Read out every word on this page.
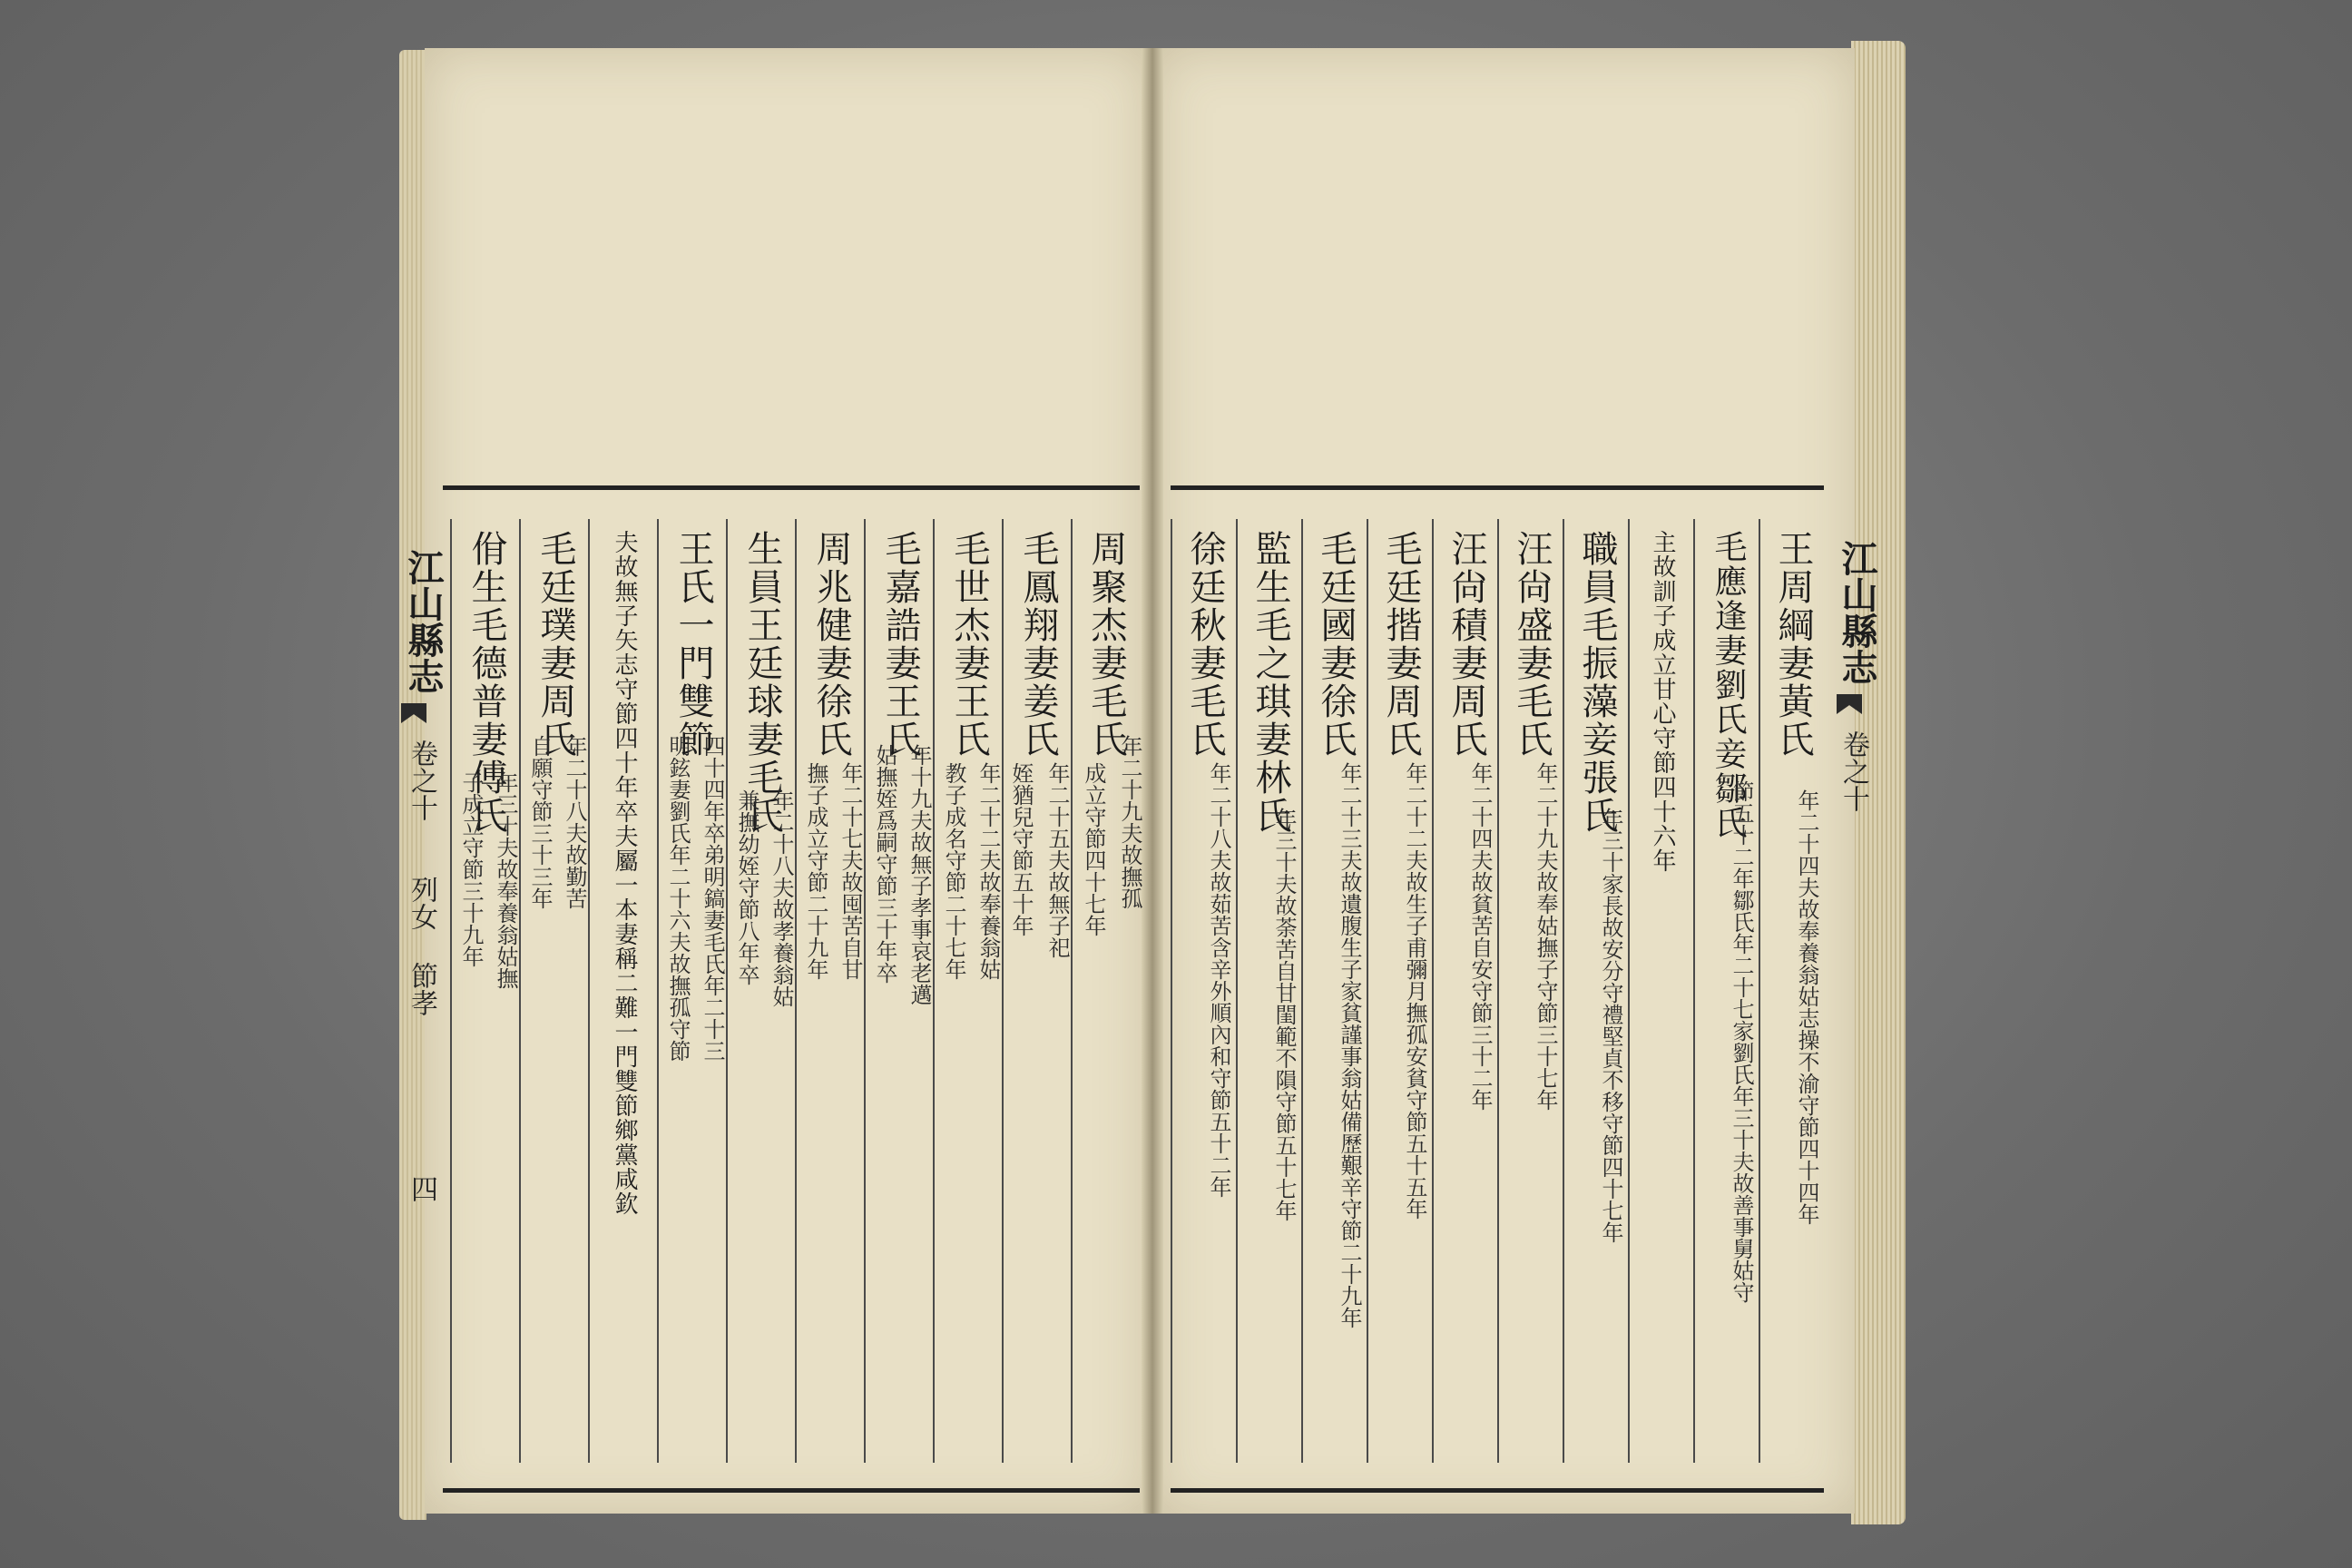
江山縣志
卷之十
列女 節孝
四
江山縣志
卷之十
周聚杰妻毛氏
毛鳳翔妻姜氏
毛世杰妻王氏
毛嘉誥妻王氏
周兆健妻徐氏
生員王廷球妻毛氏
王氏一門雙節
夫故無子矢志守節四十年卒夫屬一本妻稱二難一門雙節鄉黨咸欽
毛廷璞妻周氏
佾生毛德普妻傅氏
成立守節四十七年 年二十九夫故撫孤
姪猶兒守節五十年 年二十五夫故無子祀
教子成名守節二十七年 年二十二夫故奉養翁姑
姑撫姪爲嗣守節三十年卒 年十九夫故無子孝事哀老邁
撫子成立守節二十九年 年二十七夫故囤苦自甘
兼撫幼姪守節八年卒 年二十八夫故孝養翁姑
明鉉妻劉氏年二十六夫故撫孤守節 四十四年卒弟明鎬妻毛氏年二十三
自願守節三十三年 年二十八夫故勤苦
子成立守節三十九年 年三十夫故奉養翁姑撫
王周綱妻黃氏
毛應逢妻劉氏妾鄒氏
主故訓子成立甘心守節四十六年
職員毛振藻妾張氏
汪尙盛妻毛氏
汪尙積妻周氏
毛廷揩妻周氏
毛廷國妻徐氏
監生毛之琪妻林氏
徐廷秋妻毛氏
年二十四夫故奉養翁姑志操不渝守節四十四年
節五十二年鄒氏年二十七家劉氏年三十夫故善事舅姑守
年三十家長故安分守禮堅貞不移守節四十七年
年二十九夫故奉姑撫子守節三十七年
年二十四夫故貧苦自安守節三十二年
年二十二夫故生子甫彌月撫孤安貧守節五十五年
年二十三夫故遺腹生子家貧謹事翁姑備歷艱辛守節二十九年
年三十夫故荼苦自甘閨範不隕守節五十七年
年二十八夫故茹苦含辛外順內和守節五十二年
